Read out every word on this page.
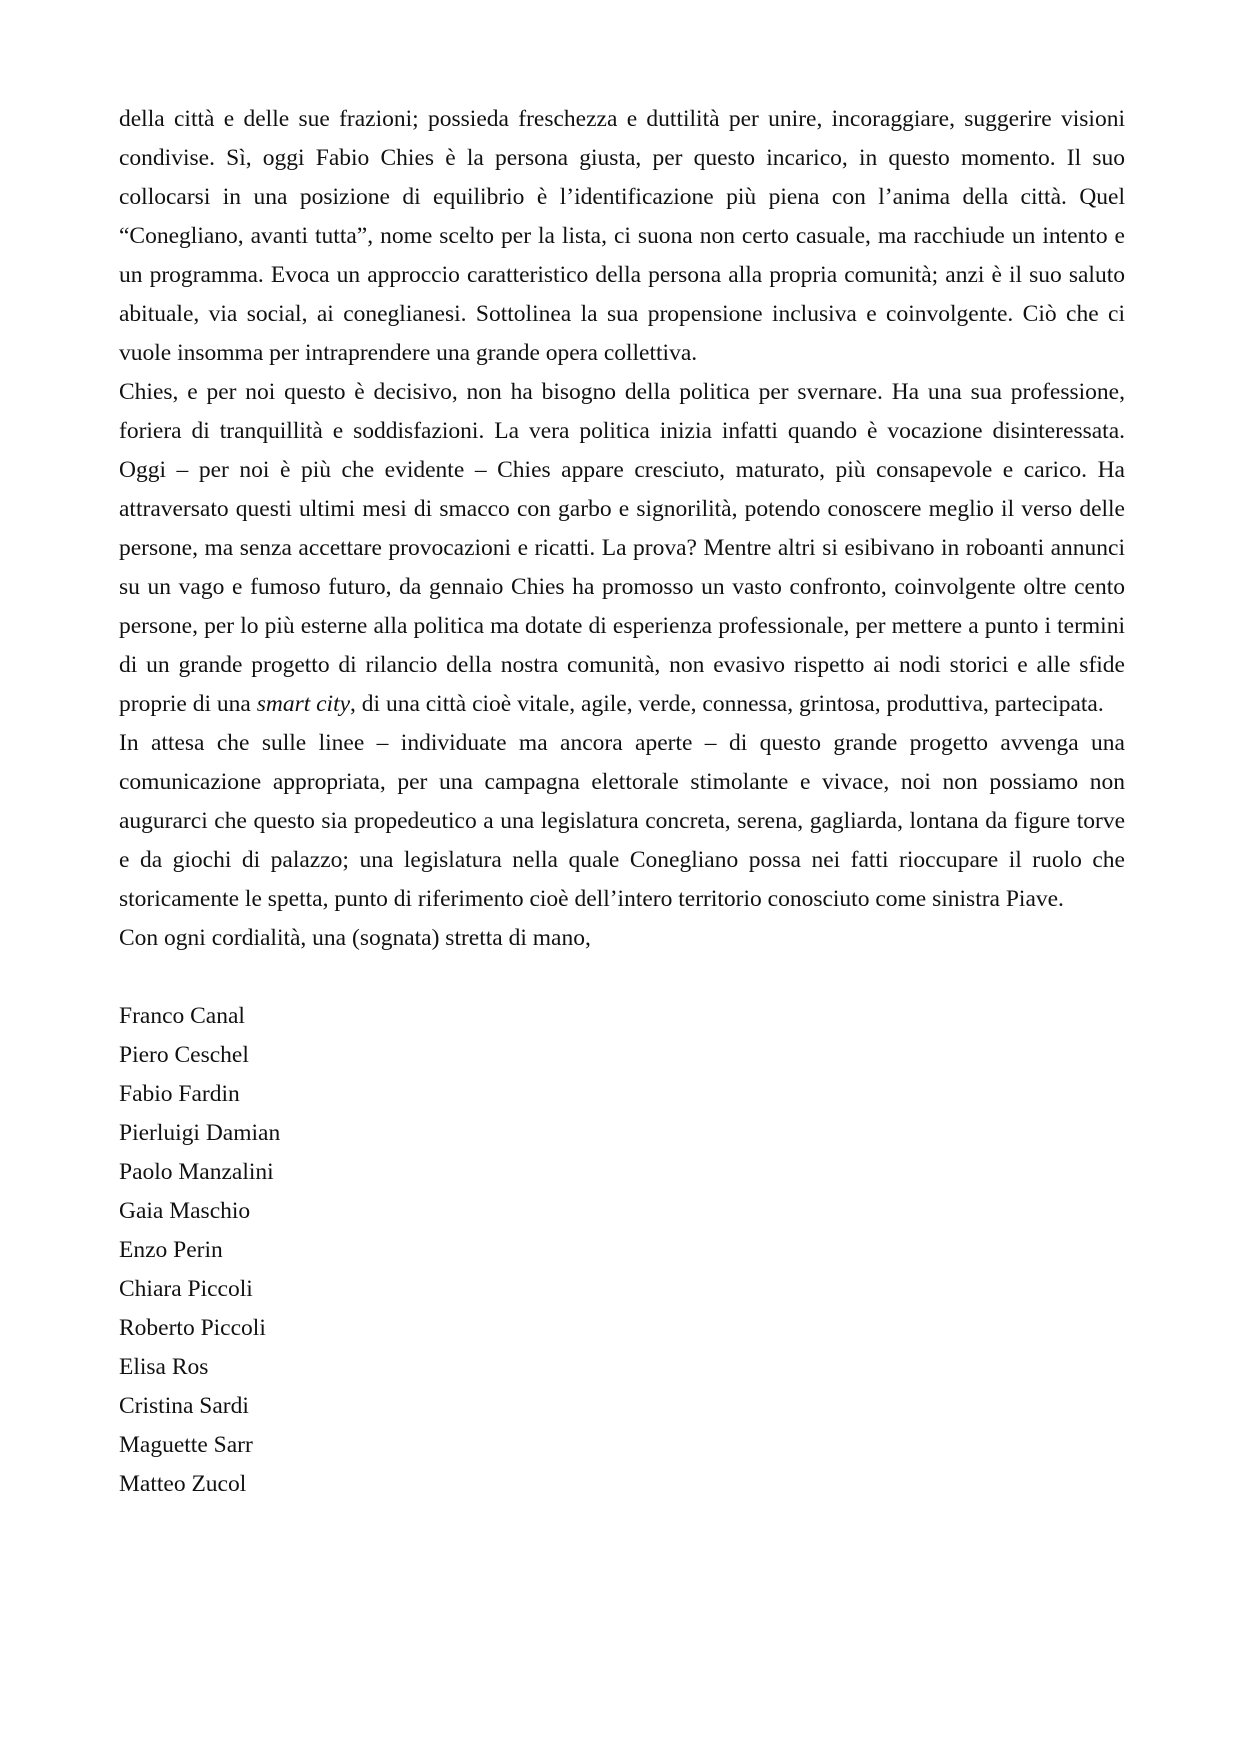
della città e delle sue frazioni; possieda freschezza e duttilità per unire, incoraggiare, suggerire visioni condivise. Sì, oggi Fabio Chies è la persona giusta, per questo incarico, in questo momento. Il suo collocarsi in una posizione di equilibrio è l’identificazione più piena con l’anima della città. Quel “Conegliano, avanti tutta”, nome scelto per la lista, ci suona non certo casuale, ma racchiude un intento e un programma. Evoca un approccio caratteristico della persona alla propria comunità; anzi è il suo saluto abituale, via social, ai coneglianesi. Sottolinea la sua propensione inclusiva e coinvolgente. Ciò che ci vuole insomma per intraprendere una grande opera collettiva.

Chies, e per noi questo è decisivo, non ha bisogno della politica per svernare. Ha una sua professione, foriera di tranquillità e soddisfazioni. La vera politica inizia infatti quando è vocazione disinteressata. Oggi – per noi è più che evidente – Chies appare cresciuto, maturato, più consapevole e carico. Ha attraversato questi ultimi mesi di smacco con garbo e signorilità, potendo conoscere meglio il verso delle persone, ma senza accettare provocazioni e ricatti. La prova? Mentre altri si esibivano in roboanti annunci su un vago e fumoso futuro, da gennaio Chies ha promosso un vasto confronto, coinvolgente oltre cento persone, per lo più esterne alla politica ma dotate di esperienza professionale, per mettere a punto i termini di un grande progetto di rilancio della nostra comunità, non evasivo rispetto ai nodi storici e alle sfide proprie di una smart city, di una città cioè vitale, agile, verde, connessa, grintosa, produttiva, partecipata.

In attesa che sulle linee – individuate ma ancora aperte – di questo grande progetto avvenga una comunicazione appropriata, per una campagna elettorale stimolante e vivace, noi non possiamo non augurarci che questo sia propedeutico a una legislatura concreta, serena, gagliarda, lontana da figure torve e da giochi di palazzo; una legislatura nella quale Conegliano possa nei fatti rioccupare il ruolo che storicamente le spetta, punto di riferimento cioè dell’intero territorio conosciuto come sinistra Piave.

Con ogni cordialità, una (sognata) stretta di mano,

Franco Canal
Piero Ceschel
Fabio Fardin
Pierluigi Damian
Paolo Manzalini
Gaia Maschio
Enzo Perin
Chiara Piccoli
Roberto Piccoli
Elisa Ros
Cristina Sardi
Maguette Sarr
Matteo Zucol
